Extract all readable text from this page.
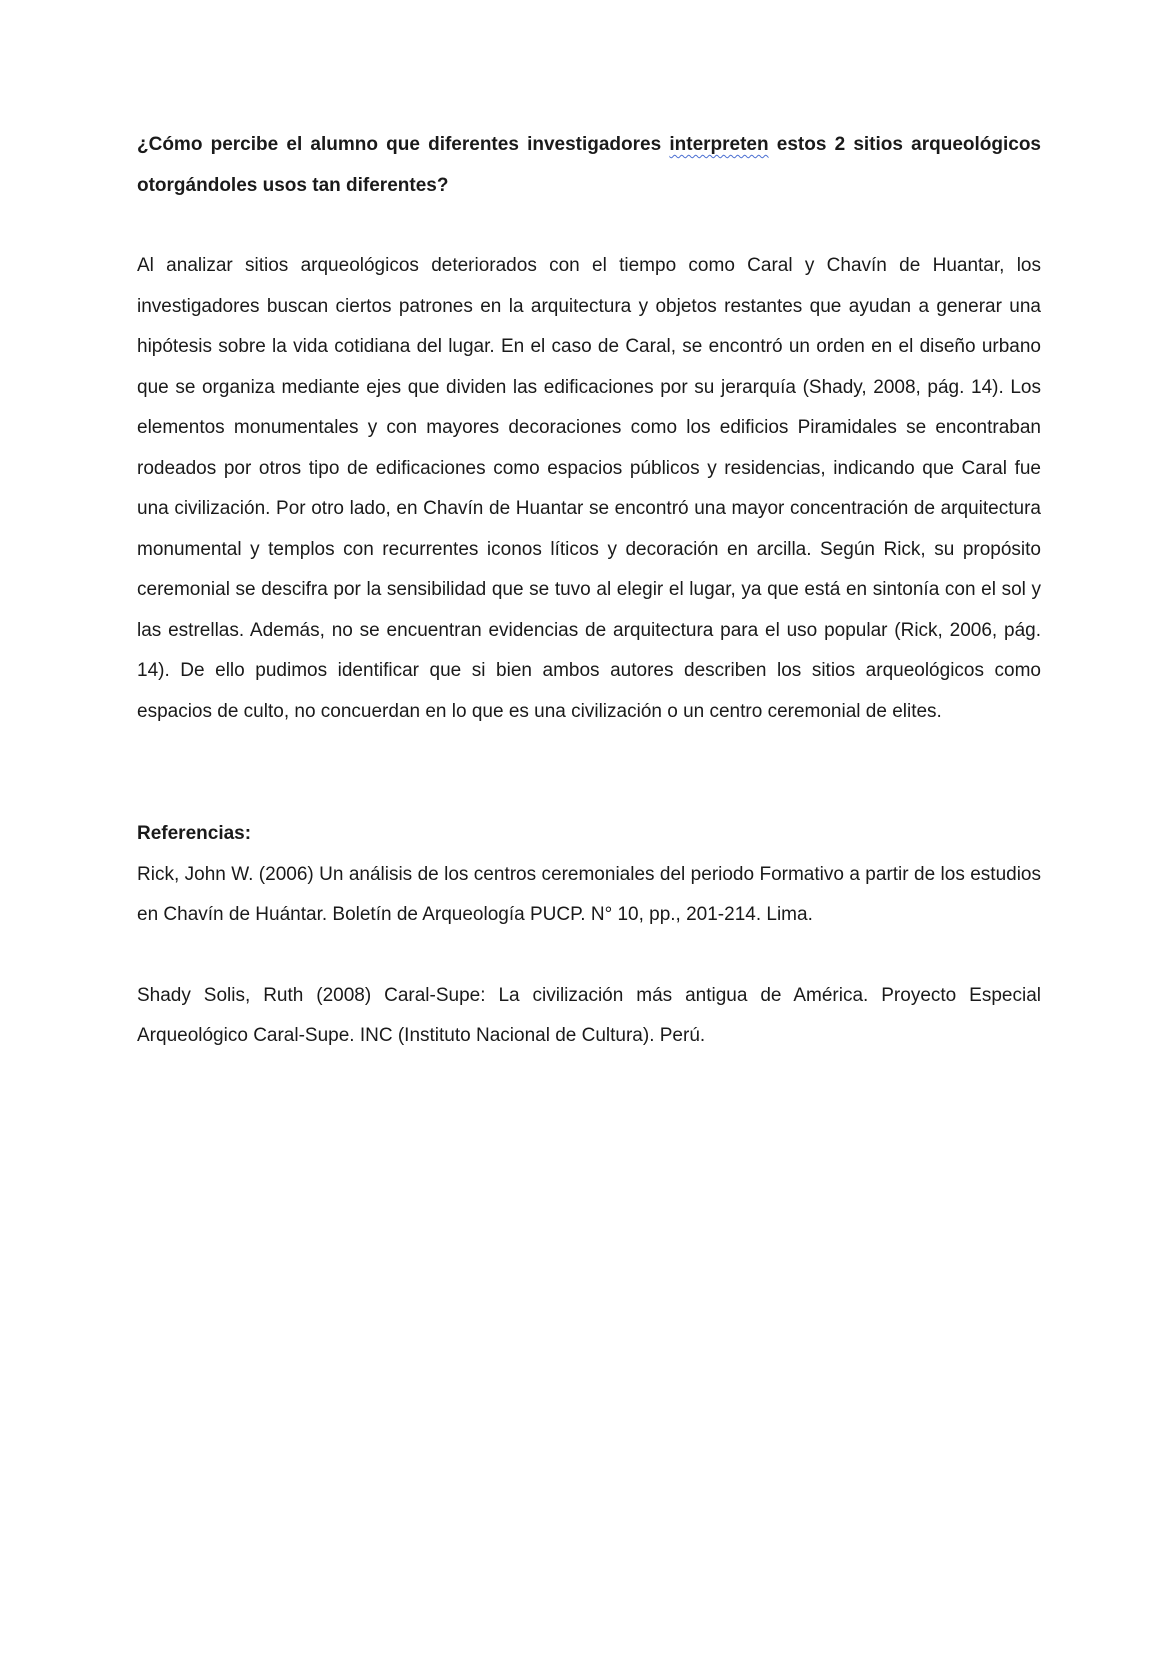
¿Cómo percibe el alumno que diferentes investigadores interpreten estos 2 sitios arqueológicos otorgándoles usos tan diferentes?

Al analizar sitios arqueológicos deteriorados con el tiempo como Caral y Chavín de Huantar, los investigadores buscan ciertos patrones en la arquitectura y objetos restantes que ayudan a generar una hipótesis sobre la vida cotidiana del lugar. En el caso de Caral, se encontró un orden en el diseño urbano que se organiza mediante ejes que dividen las edificaciones por su jerarquía (Shady, 2008, pág. 14). Los elementos monumentales y con mayores decoraciones como los edificios Piramidales se encontraban rodeados por otros tipo de edificaciones como espacios públicos y residencias, indicando que Caral fue una civilización. Por otro lado, en Chavín de Huantar se encontró una mayor concentración de arquitectura monumental y templos con recurrentes iconos líticos y decoración en arcilla. Según Rick, su propósito ceremonial se descifra por la sensibilidad que se tuvo al elegir el lugar, ya que está en sintonía con el sol y las estrellas. Además, no se encuentran evidencias de arquitectura para el uso popular (Rick, 2006, pág. 14). De ello pudimos identificar que si bien ambos autores describen los sitios arqueológicos como espacios de culto, no concuerdan en lo que es una civilización o un centro ceremonial de elites.

Referencias:

Rick, John W. (2006) Un análisis de los centros ceremoniales del periodo Formativo a partir de los estudios en Chavín de Huántar. Boletín de Arqueología PUCP. N° 10, pp., 201-214. Lima.

Shady Solis, Ruth (2008) Caral-Supe: La civilización más antigua de América. Proyecto Especial Arqueológico Caral-Supe. INC (Instituto Nacional de Cultura). Perú.
